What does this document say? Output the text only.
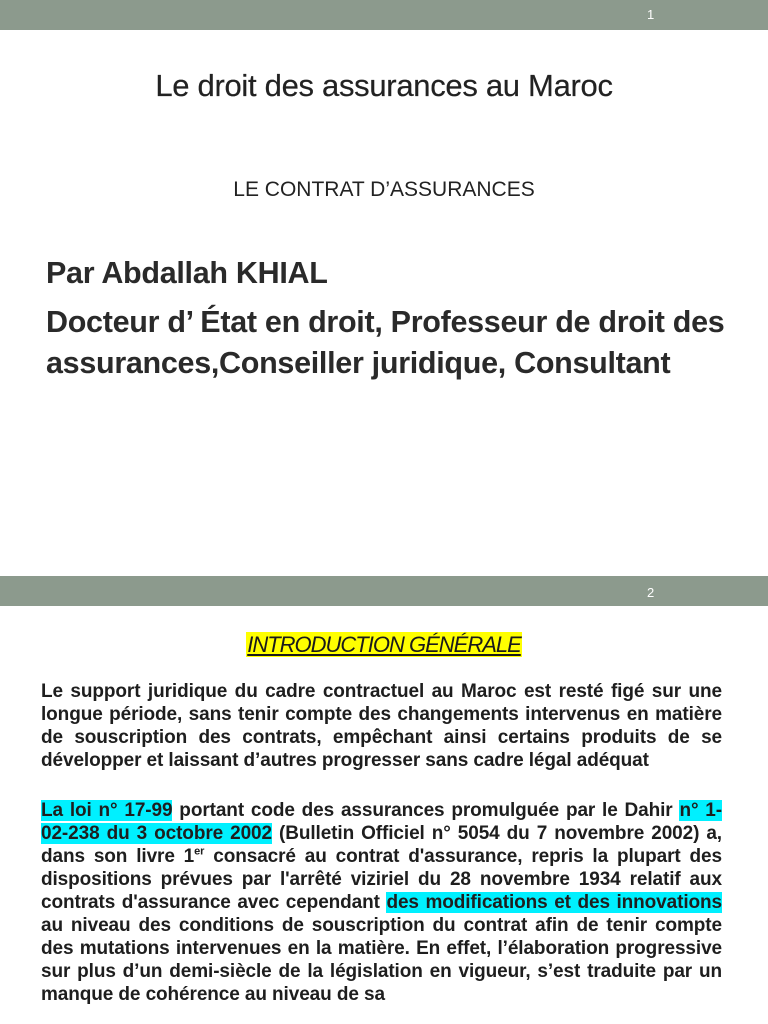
1
Le droit des assurances au Maroc
LE CONTRAT D’ASSURANCES

Par Abdallah KHIAL

Docteur d’ État en droit, Professeur de droit des assurances,Conseiller juridique, Consultant

2
INTRODUCTION GÉNÉRALE
Le support juridique du cadre contractuel au Maroc est resté figé sur une longue période, sans tenir compte des changements intervenus en matière de souscription des contrats, empêchant ainsi certains produits de se développer et laissant d’autres progresser sans cadre légal adéquat
La loi n° 17-99 portant code des assurances promulguée par le Dahir n° 1-02-238 du 3 octobre 2002 (Bulletin Officiel n° 5054 du 7 novembre 2002) a, dans son livre 1er consacré au contrat d'assurance, repris la plupart des dispositions prévues par l'arrêté viziriel du 28 novembre 1934 relatif aux contrats d'assurance avec cependant des modifications et des innovations au niveau des conditions de souscription du contrat afin de tenir compte des mutations intervenues en la matière. En effet, l’élaboration progressive sur plus d’un demi-siècle de la législation en vigueur, s’est traduite par un manque de cohérence au niveau de sa
